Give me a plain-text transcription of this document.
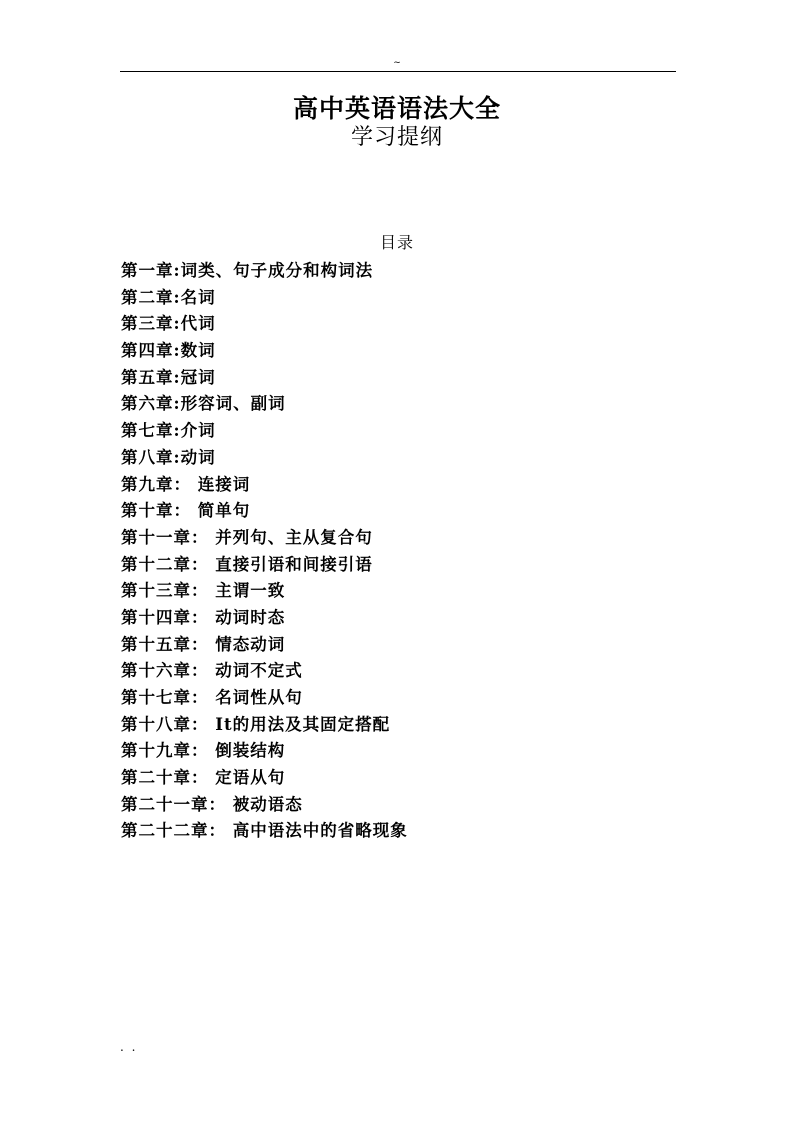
~
高中英语语法大全
学习提纲
目录
第一章:词类、句子成分和构词法
第二章:名词
第三章:代词
第四章:数词
第五章:冠词
第六章:形容词、副词
第七章:介词
第八章:动词
第九章： 连接词
第十章： 简单句
第十一章： 并列句、主从复合句
第十二章： 直接引语和间接引语
第十三章： 主谓一致
第十四章： 动词时态
第十五章： 情态动词
第十六章： 动词不定式
第十七章： 名词性从句
第十八章： It的用法及其固定搭配
第十九章： 倒装结构
第二十章： 定语从句
第二十一章： 被动语态
第二十二章： 高中语法中的省略现象
. .
